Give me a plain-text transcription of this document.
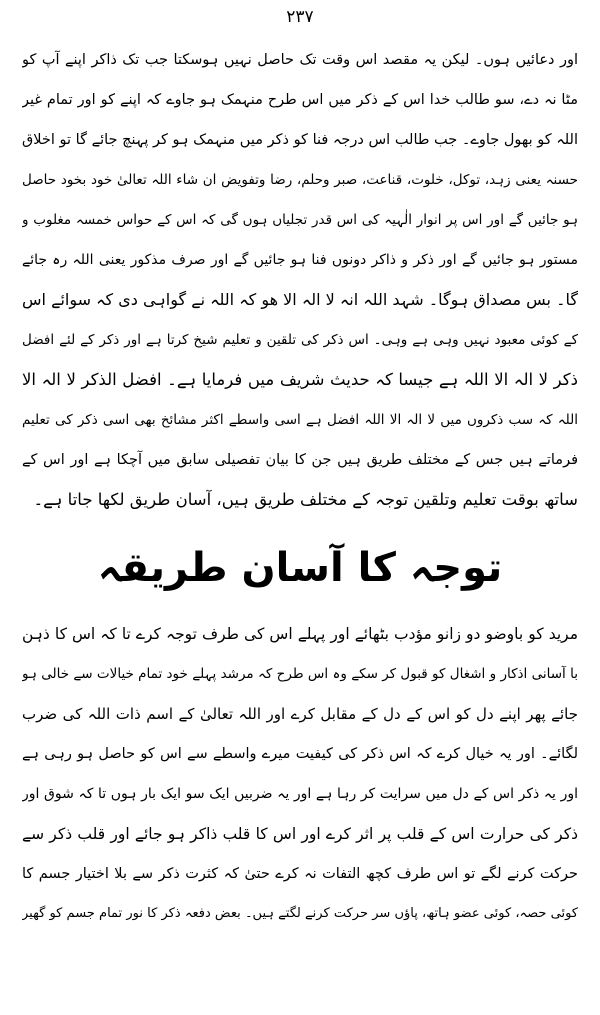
۲۳۷
اور دعائیں ہوں۔ لیکن یہ مقصد اس وقت تک حاصل نہیں ہوسکتا جب تک ذاکر اپنے آپ کو
مٹا نہ دے، سو طالب خدا اس کے ذکر میں اس طرح منہمک ہو جاوے کہ اپنے کو اور تمام غیر
اللہ کو بھول جاوے۔ جب طالب اس درجہ فنا کو ذکر میں منہمک ہو کر پہنچ جائے گا تو اخلاق
حسنہ یعنی زہد، توکل، خلوت، قناعت، صبر وحلم، رضا وتفویض ان شاء اللہ تعالیٰ خود بخود حاصل
ہو جائیں گے اور اس پر انوار الٰہیہ کی اس قدر تجلیاں ہوں گی کہ اس کے حواس خمسہ مغلوب و
مستور ہو جائیں گے اور ذکر و ذاکر دونوں فنا ہو جائیں گے اور صرف مذکور یعنی اللہ رہ جائے
گا۔ بس مصداق ہوگا۔ شہد اللہ انہ لا الہ الا ھو کہ اللہ نے گواہی دی کہ سوائے اس
کے کوئی معبود نہیں وہی ہے وہی۔ اس ذکر کی تلقین و تعلیم شیخ کرتا ہے اور ذکر کے لئے افضل
ذکر لا الہ الا اللہ ہے جیسا کہ حدیث شریف میں فرمایا ہے۔ افضل الذکر لا الہ الا
اللہ کہ سب ذکروں میں لا الہ الا اللہ افضل ہے اسی واسطے اکثر مشائخ بھی اسی ذکر کی تعلیم
فرماتے ہیں جس کے مختلف طریق ہیں جن کا بیان تفصیلی سابق میں آچکا ہے اور اس کے
ساتھ بوقت تعلیم وتلقین توجہ کے مختلف طریق ہیں، آسان طریق لکھا جاتا ہے۔
توجہ کا آسان طریقہ
مرید کو باوضو دو زانو مؤدب بٹھائے اور پہلے اس کی طرف توجہ کرے تا کہ اس کا ذہن
با آسانی اذکار و اشغال کو قبول کر سکے وہ اس طرح کہ مرشد پہلے خود تمام خیالات سے خالی ہو
جائے پھر اپنے دل کو اس کے دل کے مقابل کرے اور اللہ تعالیٰ کے اسم ذات اللہ کی ضرب
لگائے۔ اور یہ خیال کرے کہ اس ذکر کی کیفیت میرے واسطے سے اس کو حاصل ہو رہی ہے
اور یہ ذکر اس کے دل میں سرایت کر رہا ہے اور یہ ضربیں ایک سو ایک بار ہوں تا کہ شوق اور
ذکر کی حرارت اس کے قلب پر اثر کرے اور اس کا قلب ذاکر ہو جائے اور قلب ذکر سے
حرکت کرنے لگے تو اس طرف کچھ التفات نہ کرے حتیٰ کہ کثرت ذکر سے بلا اختیار جسم کا
کوئی حصہ، کوئی عضو ہاتھ، پاؤں سر حرکت کرنے لگتے ہیں۔ بعض دفعہ ذکر کا نور تمام جسم کو گھیر
